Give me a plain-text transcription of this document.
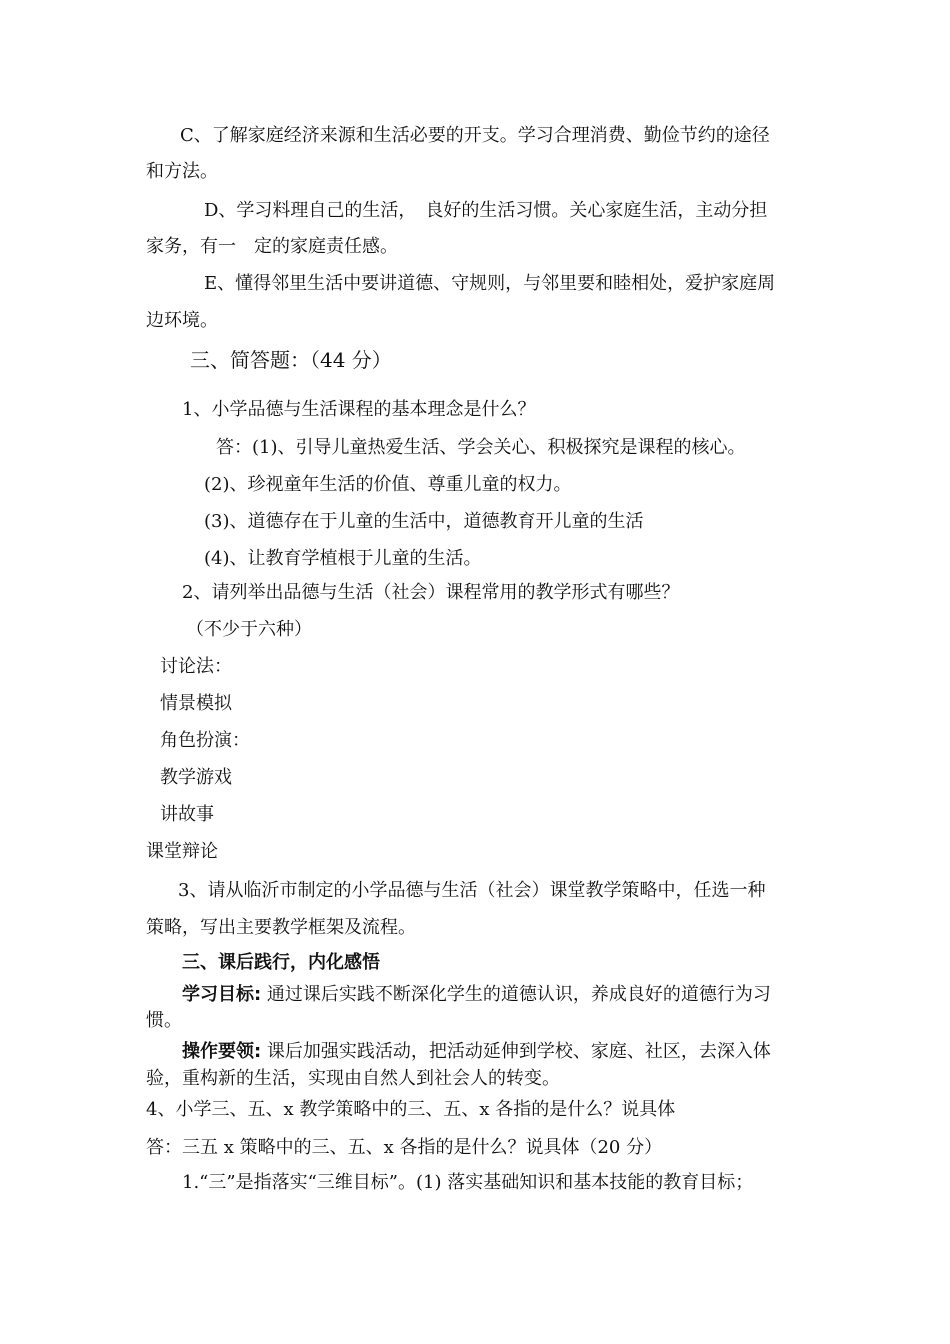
C、了解家庭经济来源和生活必要的开支。学习合理消费、勤俭节约的途径
和方法。
D、学习料理自己的生活，　良好的生活习惯。关心家庭生活，主动分担
家务，有一　定的家庭责任感。
E、懂得邻里生活中要讲道德、守规则，与邻里要和睦相处，爱护家庭周
边环境。
三、简答题：（44 分）
1、小学品德与生活课程的基本理念是什么？
答：(1)、引导儿童热爱生活、学会关心、积极探究是课程的核心。
(2)、珍视童年生活的价值、尊重儿童的权力。
(3)、道德存在于儿童的生活中，道德教育开儿童的生活
(4)、让教育学植根于儿童的生活。
2、请列举出品德与生活（社会）课程常用的教学形式有哪些？
（不少于六种）
讨论法：
情景模拟
角色扮演：
教学游戏
讲故事
课堂辩论
3、请从临沂市制定的小学品德与生活（社会）课堂教学策略中，任选一种
策略，写出主要教学框架及流程。
三、课后践行，内化感悟
学习目标: 通过课后实践不断深化学生的道德认识，养成良好的道德行为习
惯。
操作要领: 课后加强实践活动，把活动延伸到学校、家庭、社区，去深入体
验，重构新的生活，实现由自然人到社会人的转变。
4、小学三、五、x 教学策略中的三、五、x 各指的是什么？说具体
答：三五 x 策略中的三、五、x 各指的是什么？说具体（20 分）
1.“三”是指落实“三维目标”。(1) 落实基础知识和基本技能的教育目标；
